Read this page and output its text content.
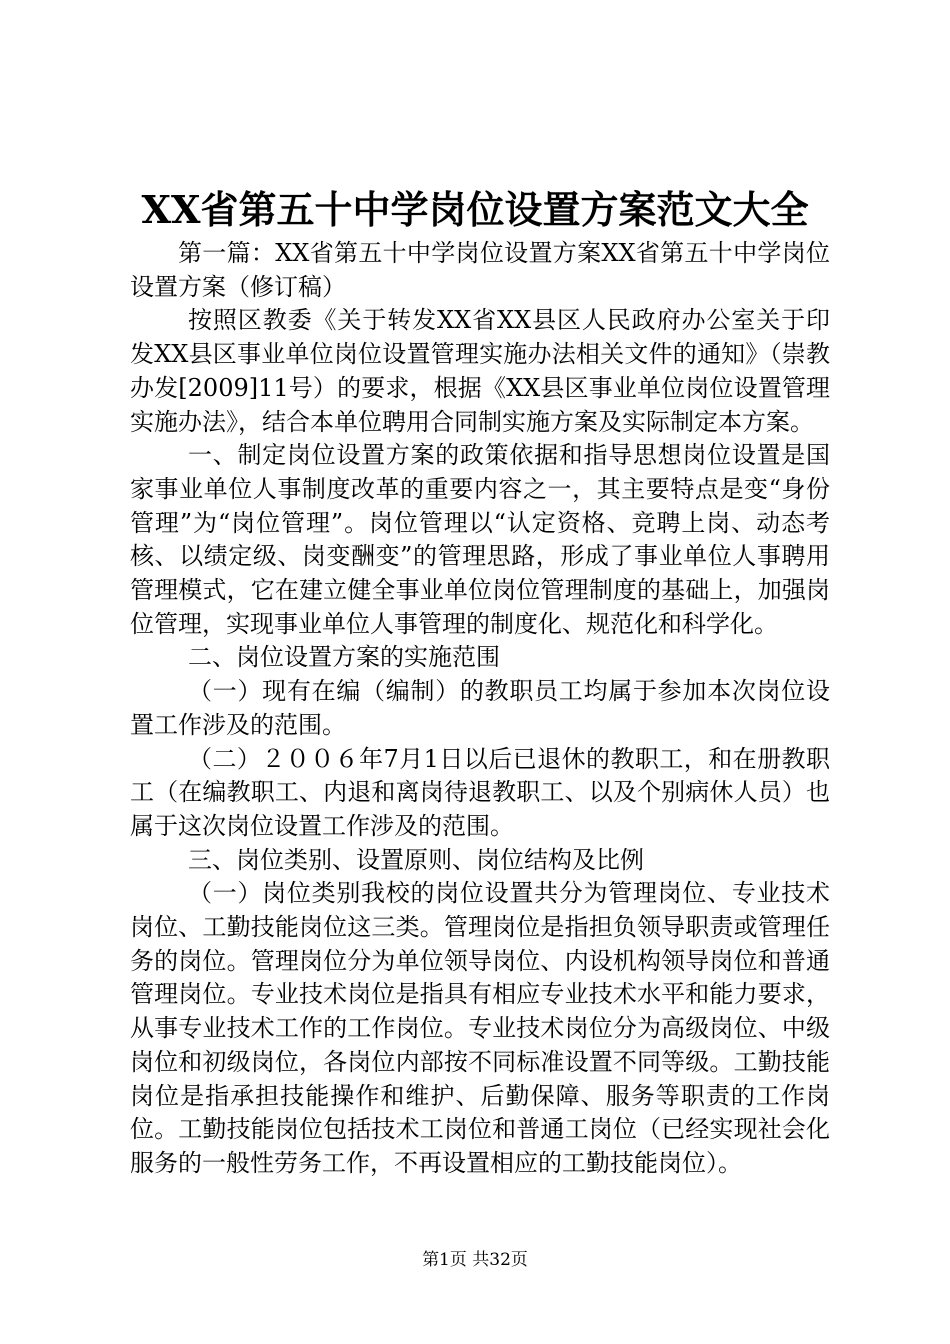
XX省第五十中学岗位设置方案范文大全

第一篇：XX省第五十中学岗位设置方案XX省第五十中学岗位设置方案（修订稿）

按照区教委《关于转发XX省XX县区人民政府办公室关于印发XX县区事业单位岗位设置管理实施办法相关文件的通知》（崇教办发[2009]11号）的要求，根据《XX县区事业单位岗位设置管理实施办法》，结合本单位聘用合同制实施方案及实际制定本方案。

一、制定岗位设置方案的政策依据和指导思想岗位设置是国家事业单位人事制度改革的重要内容之一，其主要特点是变“身份管理”为“岗位管理”。岗位管理以“认定资格、竞聘上岗、动态考核、以绩定级、岗变酬变”的管理思路，形成了事业单位人事聘用管理模式，它在建立健全事业单位岗位管理制度的基础上，加强岗位管理，实现事业单位人事管理的制度化、规范化和科学化。

二、岗位设置方案的实施范围

（一）现有在编（编制）的教职员工均属于参加本次岗位设置工作涉及的范围。

（二）２００６年7月1日以后已退休的教职工，和在册教职工（在编教职工、内退和离岗待退教职工、以及个别病休人员）也属于这次岗位设置工作涉及的范围。

三、岗位类别、设置原则、岗位结构及比例

（一）岗位类别我校的岗位设置共分为管理岗位、专业技术岗位、工勤技能岗位这三类。管理岗位是指担负领导职责或管理任务的岗位。管理岗位分为单位领导岗位、内设机构领导岗位和普通管理岗位。专业技术岗位是指具有相应专业技术水平和能力要求，从事专业技术工作的工作岗位。专业技术岗位分为高级岗位、中级岗位和初级岗位，各岗位内部按不同标准设置不同等级。工勤技能岗位是指承担技能操作和维护、后勤保障、服务等职责的工作岗位。工勤技能岗位包括技术工岗位和普通工岗位（已经实现社会化服务的一般性劳务工作，不再设置相应的工勤技能岗位）。

第1页 共32页
